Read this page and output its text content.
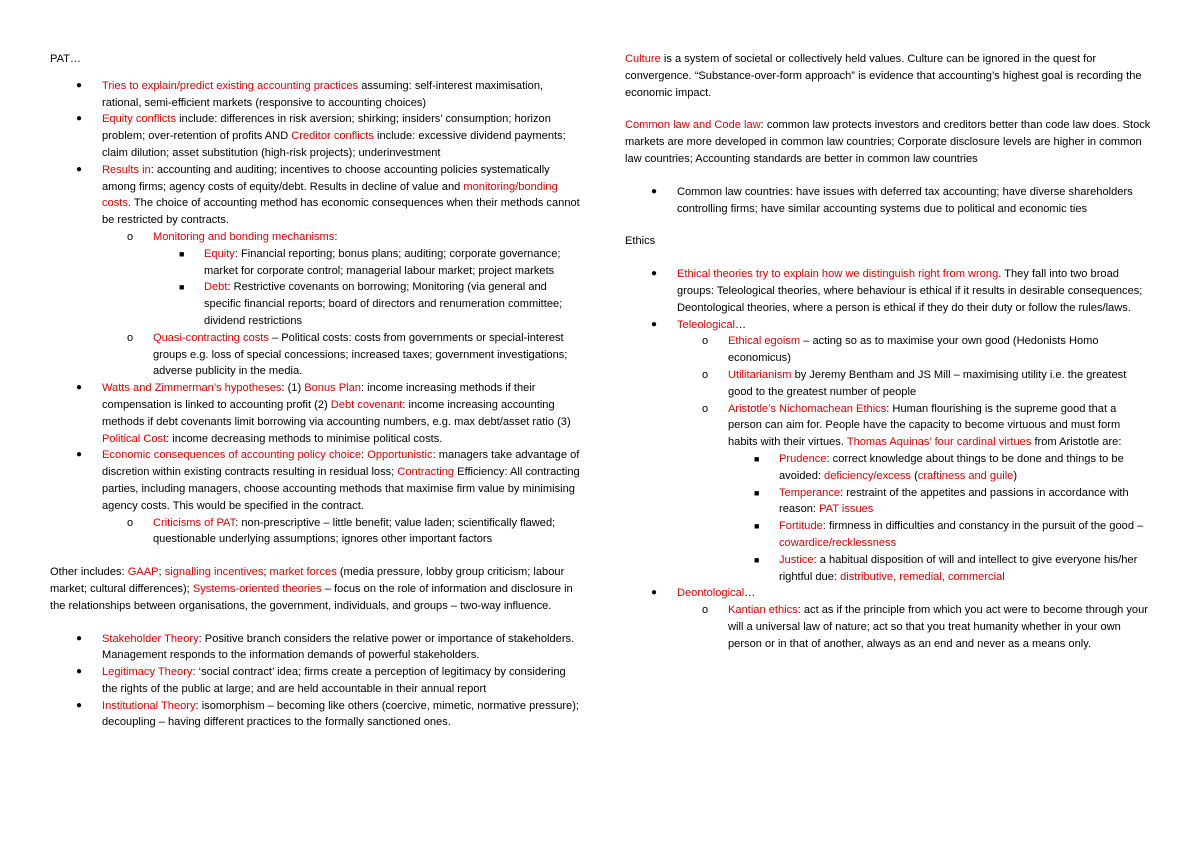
PAT…

● Tries to explain/predict existing accounting practices assuming: self-interest maximisation, rational, semi-efficient markets (responsive to accounting choices)
● Equity conflicts include: differences in risk aversion; shirking; insiders’ consumption; horizon problem; over-retention of profits AND Creditor conflicts include: excessive dividend payments; claim dilution; asset substitution (high-risk projects); underinvestment
● Results in: accounting and auditing; incentives to choose accounting policies systematically among firms; agency costs of equity/debt. Results in decline of value and monitoring/bonding costs. The choice of accounting method has economic consequences when their methods cannot be restricted by contracts.
o Monitoring and bonding mechanisms:
■ Equity: Financial reporting; bonus plans; auditing; corporate governance; market for corporate control; managerial labour market; project markets
■ Debt: Restrictive covenants on borrowing; Monitoring (via general and specific financial reports; board of directors and renumeration committee; dividend restrictions
o Quasi-contracting costs – Political costs: costs from governments or special-interest groups e.g. loss of special concessions; increased taxes; government investigations; adverse publicity in the media.
● Watts and Zimmerman’s hypotheses: (1) Bonus Plan: income increasing methods if their compensation is linked to accounting profit (2) Debt covenant: income increasing accounting methods if debt covenants limit borrowing via accounting numbers, e.g. max debt/asset ratio (3) Political Cost: income decreasing methods to minimise political costs.
● Economic consequences of accounting policy choice: Opportunistic: managers take advantage of discretion within existing contracts resulting in residual loss; Contracting Efficiency: All contracting parties, including managers, choose accounting methods that maximise firm value by minimising agency costs. This would be specified in the contract.
o Criticisms of PAT: non-prescriptive – little benefit; value laden; scientifically flawed; questionable underlying assumptions; ignores other important factors

Other includes: GAAP; signalling incentives; market forces (media pressure, lobby group criticism; labour market; cultural differences); Systems-oriented theories – focus on the role of information and disclosure in the relationships between organisations, the government, individuals, and groups – two-way influence.

● Stakeholder Theory: Positive branch considers the relative power or importance of stakeholders. Management responds to the information demands of powerful stakeholders.
● Legitimacy Theory: ‘social contract’ idea; firms create a perception of legitimacy by considering the rights of the public at large; and are held accountable in their annual report
● Institutional Theory: isomorphism – becoming like others (coercive, mimetic, normative pressure); decoupling – having different practices to the formally sanctioned ones.

Culture is a system of societal or collectively held values. Culture can be ignored in the quest for convergence. “Substance-over-form approach” is evidence that accounting’s highest goal is recording the economic impact.

Common law and Code law: common law protects investors and creditors better than code law does. Stock markets are more developed in common law countries; Corporate disclosure levels are higher in common law countries; Accounting standards are better in common law countries

● Common law countries: have issues with deferred tax accounting; have diverse shareholders controlling firms; have similar accounting systems due to political and economic ties

Ethics

● Ethical theories try to explain how we distinguish right from wrong. They fall into two broad groups: Teleological theories, where behaviour is ethical if it results in desirable consequences; Deontological theories, where a person is ethical if they do their duty or follow the rules/laws.
● Teleological…
o Ethical egoism – acting so as to maximise your own good (Hedonists Homo economicus)
o Utilitarianism by Jeremy Bentham and JS Mill – maximising utility i.e. the greatest good to the greatest number of people
o Aristotle’s Nichomachean Ethics: Human flourishing is the supreme good that a person can aim for. People have the capacity to become virtuous and must form habits with their virtues. Thomas Aquinas’ four cardinal virtues from Aristotle are:
■ Prudence: correct knowledge about things to be done and things to be avoided: deficiency/excess (craftiness and guile)
■ Temperance: restraint of the appetites and passions in accordance with reason: PAT issues
■ Fortitude: firmness in difficulties and constancy in the pursuit of the good – cowardice/recklessness
■ Justice: a habitual disposition of will and intellect to give everyone his/her rightful due: distributive, remedial, commercial
● Deontological…
o Kantian ethics: act as if the principle from which you act were to become through your will a universal law of nature; act so that you treat humanity whether in your own person or in that of another, always as an end and never as a means only.
